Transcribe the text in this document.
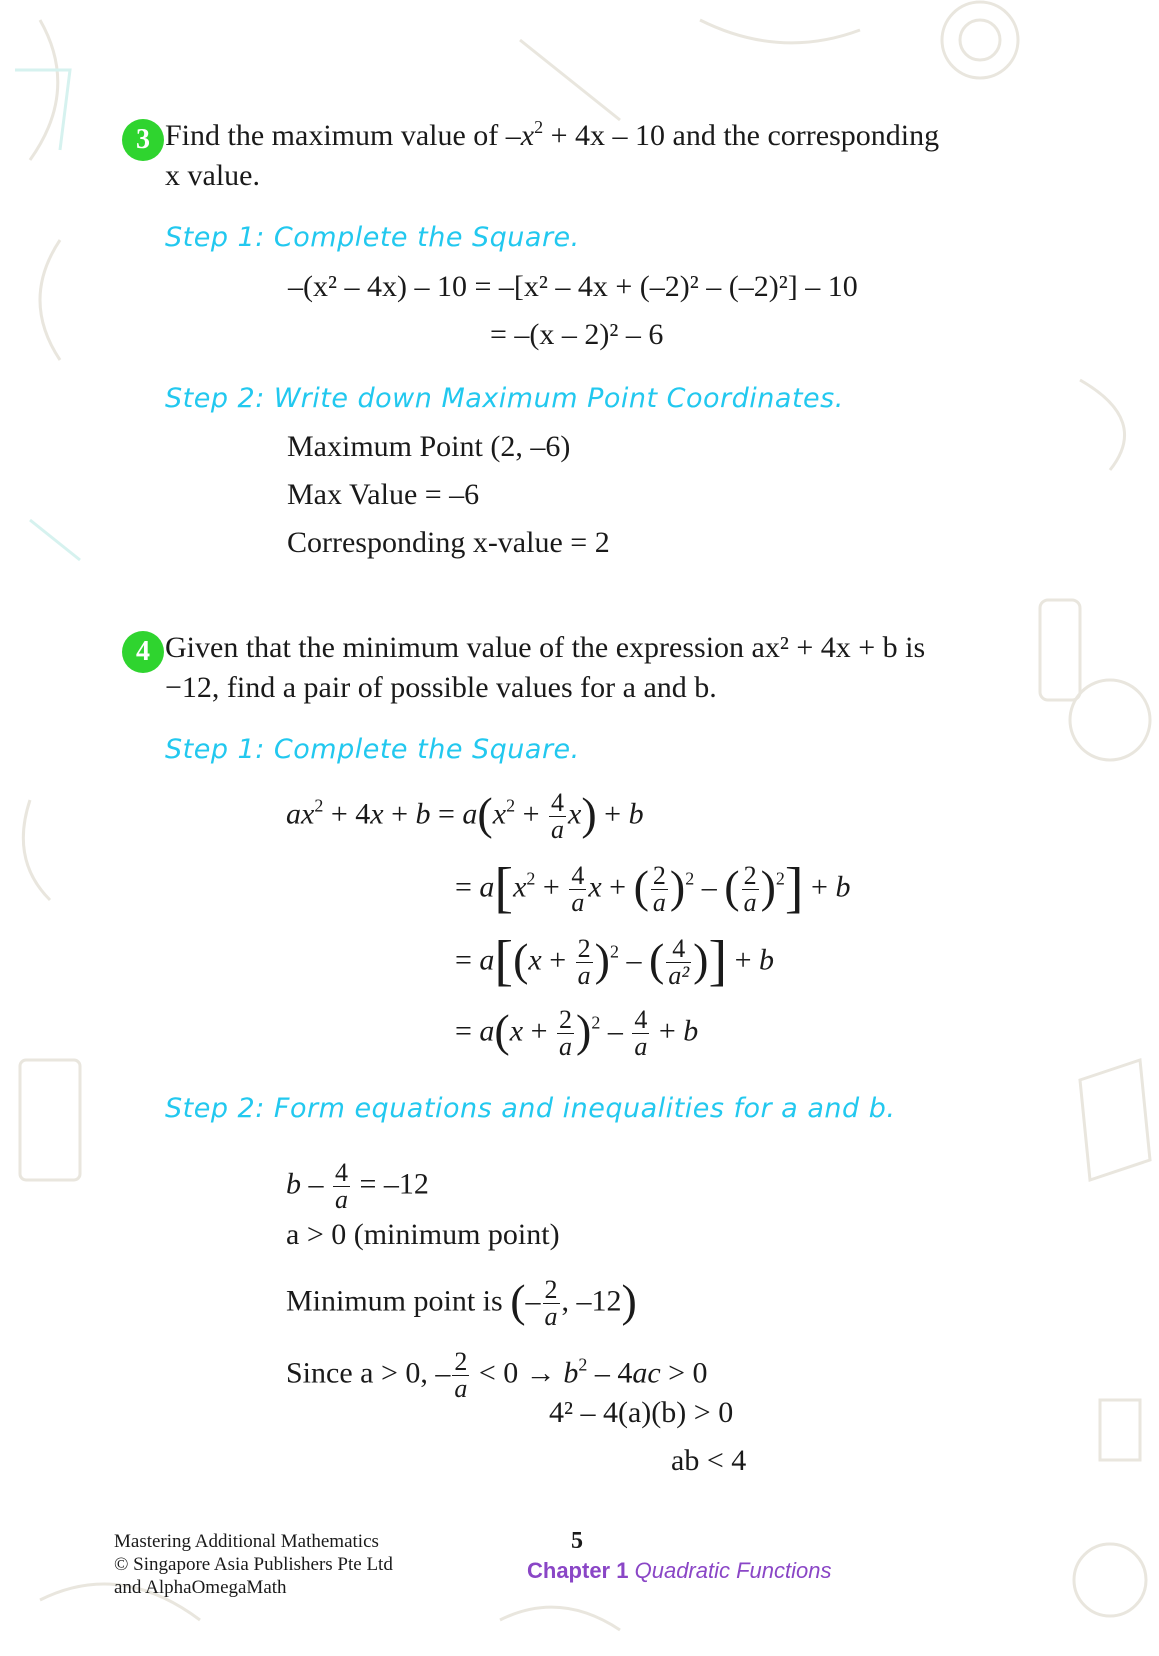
3 Find the maximum value of $-x^2 + 4x - 10$ and the corresponding
x value.
Step 1: Complete the Square.
–(x² – 4x) – 10 = –[x² – 4x + (–2)² – (–2)²] – 10
= –(x – 2)² – 6
Step 2: Write down Maximum Point Coordinates.
Maximum Point (2, –6)
Max Value = –6
Corresponding x-value = 2
4 Given that the minimum value of the expression ax² + 4x + b is
−12, find a pair of possible values for a and b.
Step 1: Complete the Square.
$ax^2 + 4x + b = a(x^2 + \frac{4}{a} x) + b$
= $a[x^2 + \frac{4}{a}$ x + ( $\frac{2}{a} )^2$ – ( $\frac{2}{a} )^2] + b$
= $a[(x + \frac{2}{a} )^2$ – ( $\frac{4}{\text{a²}}$ )] + b
= $a(x + \frac{2}{a} )^2 - \frac{4}{a} + b$
Step 2: Form equations and inequalities for a and b.
$b - \frac{4}{a} = -12$
a > 0 (minimum point)
Minimum point is (– $\frac{2}{a}$ , –12)
Since a > 0, – $\frac{2}{a} < 0 \to b^2 - 4ac > 0$
4² – 4(a)(b) > 0
ab < 4
Mastering Additional Mathematics
© Singapore Asia Publishers Pte Ltd
and AlphaOmegaMath
5
Chapter 1 Quadratic Functions
